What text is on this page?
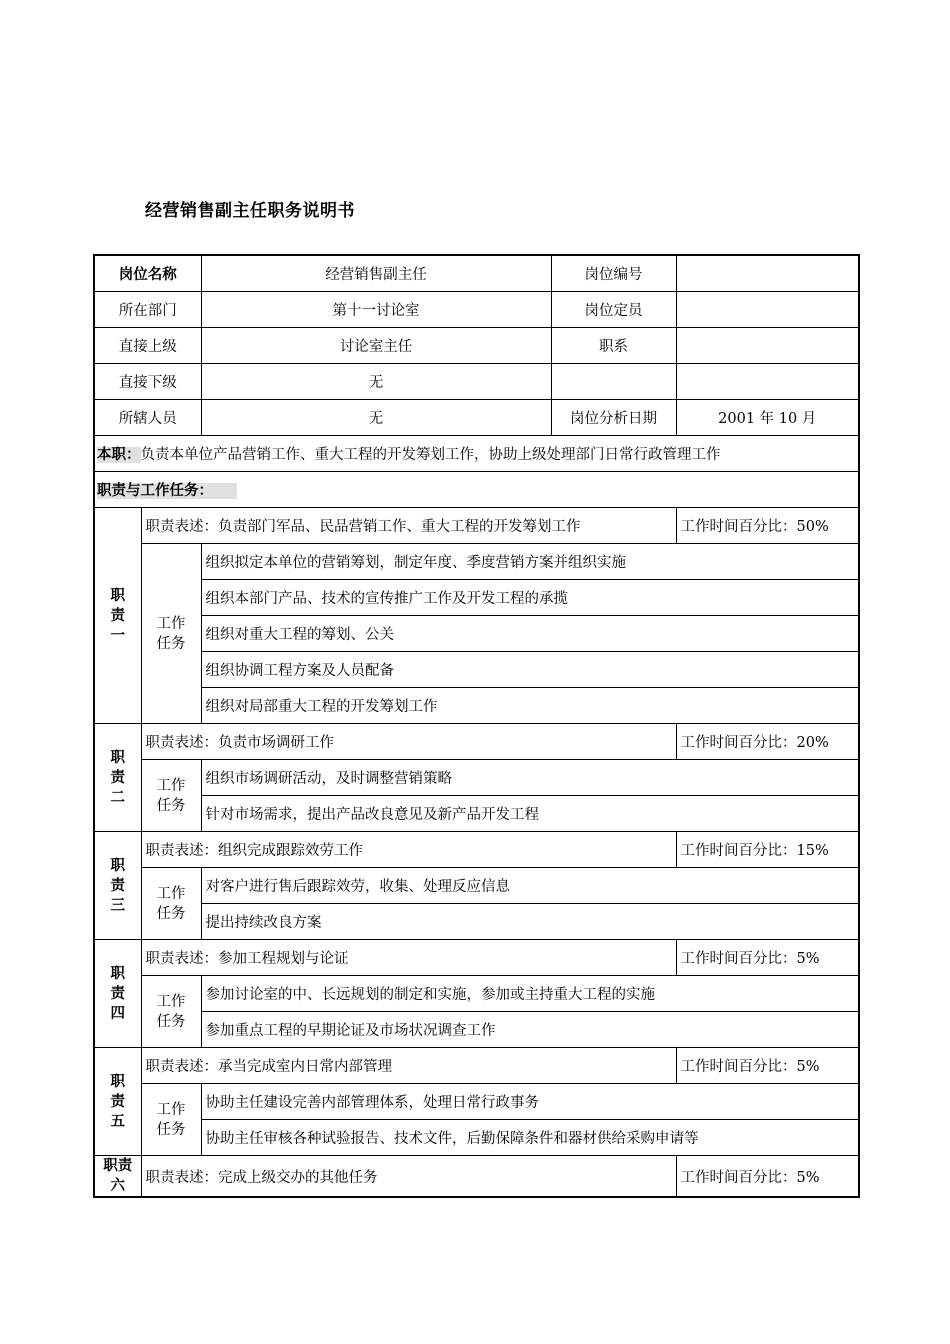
经营销售副主任职务说明书
岗位名称		经营销售副主任	岗位编号	
所在部门		第十一讨论室	岗位定员	
直接上级		讨论室主任	职系	
直接下级		无		
所辖人员		无	岗位分析日期	2001 年 10 月
本职：负责本单位产品营销工作、重大工程的开发筹划工作，协助上级处理部门日常行政管理工作				
职责与工作任务：				

职责一	职责表述：负责部门军品、民品营销工作、重大工程的开发筹划工作			工作时间百分比：50%

	工作任务	组织拟定本单位的营销筹划，制定年度、季度营销方案并组织实施		
		组织本部门产品、技术的宣传推广工作及开发工程的承揽		
		组织对重大工程的筹划、公关		
		组织协调工程方案及人员配备		
		组织对局部重大工程的开发筹划工作		

职责二	职责表述：负责市场调研工作			工作时间百分比：20%

	工作任务	组织市场调研活动，及时调整营销策略		
		针对市场需求，提出产品改良意见及新产品开发工程		

职责三	职责表述：组织完成跟踪效劳工作			工作时间百分比：15%

	工作任务	对客户进行售后跟踪效劳，收集、处理反应信息		
		提出持续改良方案		

职责四	职责表述：参加工程规划与论证			工作时间百分比：5%

	工作任务	参加讨论室的中、长远规划的制定和实施，参加或主持重大工程的实施		
		参加重点工程的早期论证及市场状况调查工作		

职责五	职责表述：承当完成室内日常内部管理			工作时间百分比：5%

	工作任务	协助主任建设完善内部管理体系，处理日常行政事务		
		协助主任审核各种试验报告、技术文件，后勤保障条件和器材供给采购申请等		

职责六	职责表述：完成上级交办的其他任务			工作时间百分比：5%
